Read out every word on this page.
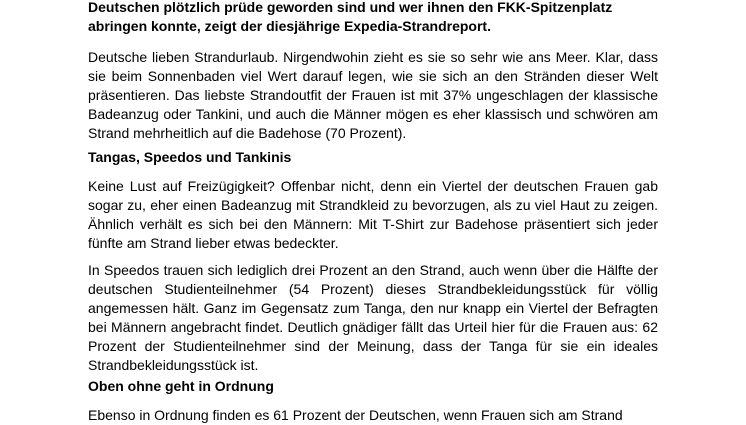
Deutschen plötzlich prüde geworden sind und wer ihnen den FKK-Spitzenplatz abringen konnte, zeigt der diesjährige Expedia-Strandreport.

Deutsche lieben Strandurlaub. Nirgendwohin zieht es sie so sehr wie ans Meer. Klar, dass sie beim Sonnenbaden viel Wert darauf legen, wie sie sich an den Stränden dieser Welt präsentieren. Das liebste Strandoutfit der Frauen ist mit 37% ungeschlagen der klassische Badeanzug oder Tankini, und auch die Männer mögen es eher klassisch und schwören am Strand mehrheitlich auf die Badehose (70 Prozent).

Tangas, Speedos und Tankinis

Keine Lust auf Freizügigkeit? Offenbar nicht, denn ein Viertel der deutschen Frauen gab sogar zu, eher einen Badeanzug mit Strandkleid zu bevorzugen, als zu viel Haut zu zeigen. Ähnlich verhält es sich bei den Männern: Mit T-Shirt zur Badehose präsentiert sich jeder fünfte am Strand lieber etwas bedeckter.

In Speedos trauen sich lediglich drei Prozent an den Strand, auch wenn über die Hälfte der deutschen Studienteilnehmer (54 Prozent) dieses Strandbekleidungsstück für völlig angemessen hält. Ganz im Gegensatz zum Tanga, den nur knapp ein Viertel der Befragten bei Männern angebracht findet. Deutlich gnädiger fällt das Urteil hier für die Frauen aus: 62 Prozent der Studienteilnehmer sind der Meinung, dass der Tanga für sie ein ideales Strandbekleidungsstück ist.

Oben ohne geht in Ordnung

Ebenso in Ordnung finden es 61 Prozent der Deutschen, wenn Frauen sich am Strand
